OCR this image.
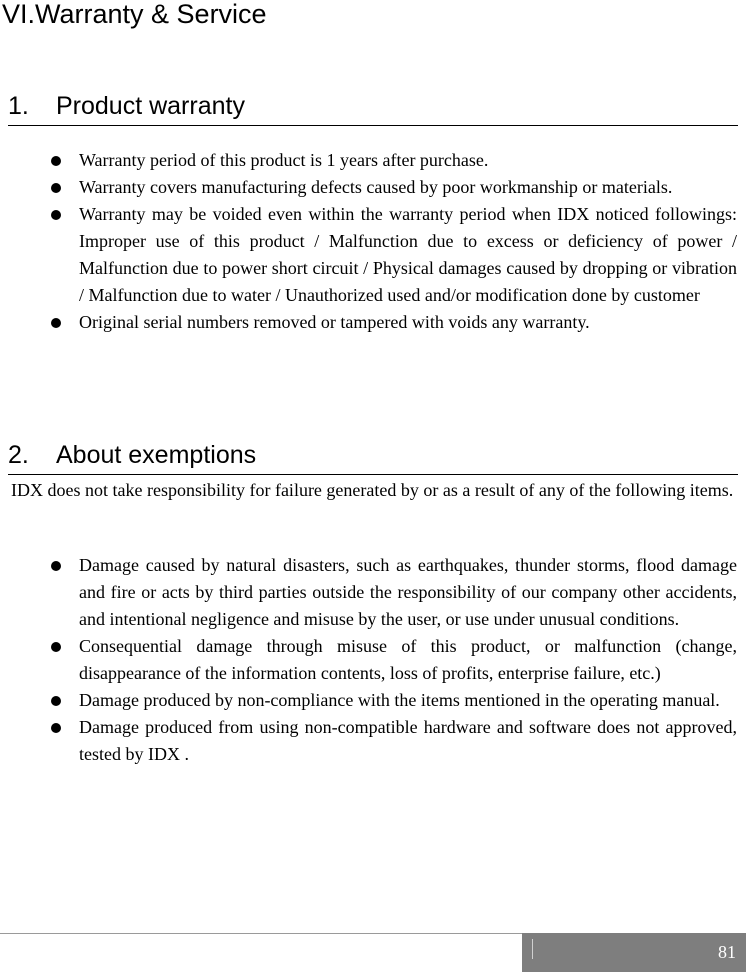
VI.Warranty & Service
1. Product warranty
Warranty period of this product is 1 years after purchase.
Warranty covers manufacturing defects caused by poor workmanship or materials.
Warranty may be voided even within the warranty period when IDX noticed followings: Improper use of this product / Malfunction due to excess or deficiency of power / Malfunction due to power short circuit / Physical damages caused by dropping or vibration / Malfunction due to water / Unauthorized used and/or modification done by customer
Original serial numbers removed or tampered with voids any warranty.
2. About exemptions

IDX does not take responsibility for failure generated by or as a result of any of the following items.

Damage caused by natural disasters, such as earthquakes, thunder storms, flood damage and fire or acts by third parties outside the responsibility of our company other accidents, and intentional negligence and misuse by the user, or use under unusual conditions.
Consequential damage through misuse of this product, or malfunction (change, disappearance of the information contents, loss of profits, enterprise failure, etc.)
Damage produced by non-compliance with the items mentioned in the operating manual.
Damage produced from using non-compatible hardware and software does not approved, tested by IDX .
81
